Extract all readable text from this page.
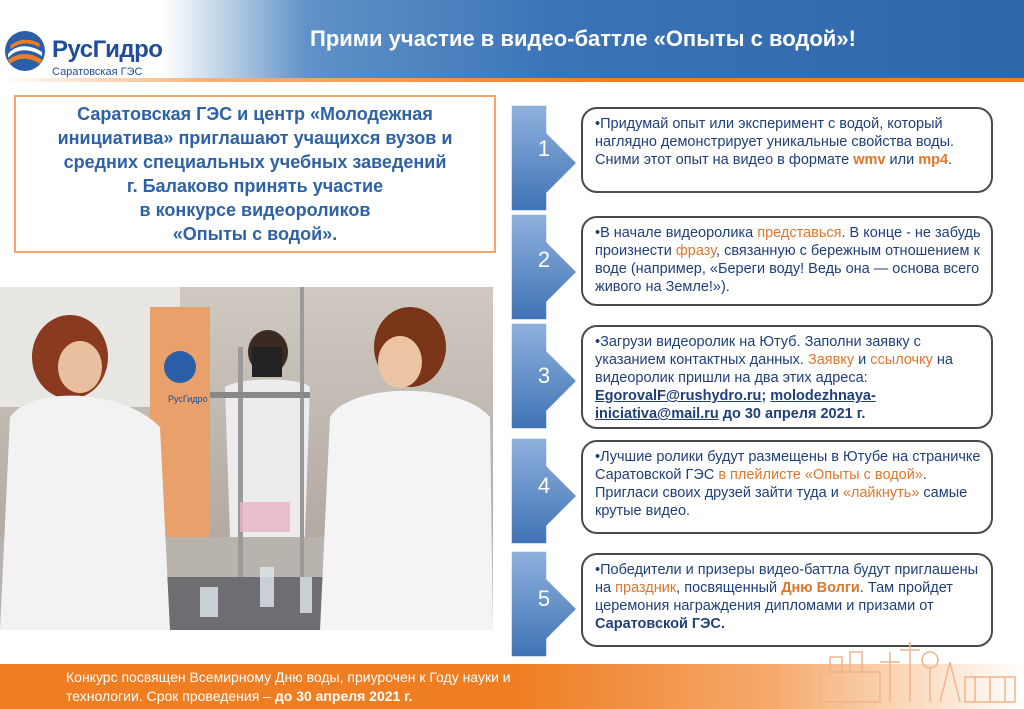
РусГидро
Саратовская ГЭС
Прими участие в видео-баттле «Опыты с водой»!
Саратовская ГЭС и центр «Молодежная
инициатива» приглашают учащихся вузов и
средних специальных учебных заведений
г. Балаково принять участие
в конкурсе видеороликов
«Опыты с водой».
РусГидро
1
•Придумай опыт или эксперимент с водой, который наглядно демонстрирует уникальные свойства воды. Сними этот опыт на видео в формате wmv или mp4.
2
•В начале видеоролика представься. В конце - не забудь произнести фразу, связанную с бережным отношением к воде (например, «Береги воду! Ведь она — основа всего живого на Земле!»).
3
•Загрузи видеоролик на Ютуб. Заполни заявку с указанием контактных данных. Заявку и ссылочку на видеоролик пришли на два этих адреса: EgorovalF@rushydro.ru; molodezhnaya-iniciativa@mail.ru до 30 апреля 2021 г.
4
•Лучшие ролики будут размещены в Ютубе на страничке Саратовской ГЭС в плейлисте «Опыты с водой». Пригласи своих друзей зайти туда и «лайкнуть» самые крутые видео.
5
•Победители и призеры видео-баттла будут приглашены на праздник, посвященный Дню Волги. Там пройдет церемония награждения дипломами и призами от Саратовской ГЭС.
Конкурс посвящен Всемирному Дню воды, приурочен к Году науки и технологии. Срок проведения – до 30 апреля 2021 г.
